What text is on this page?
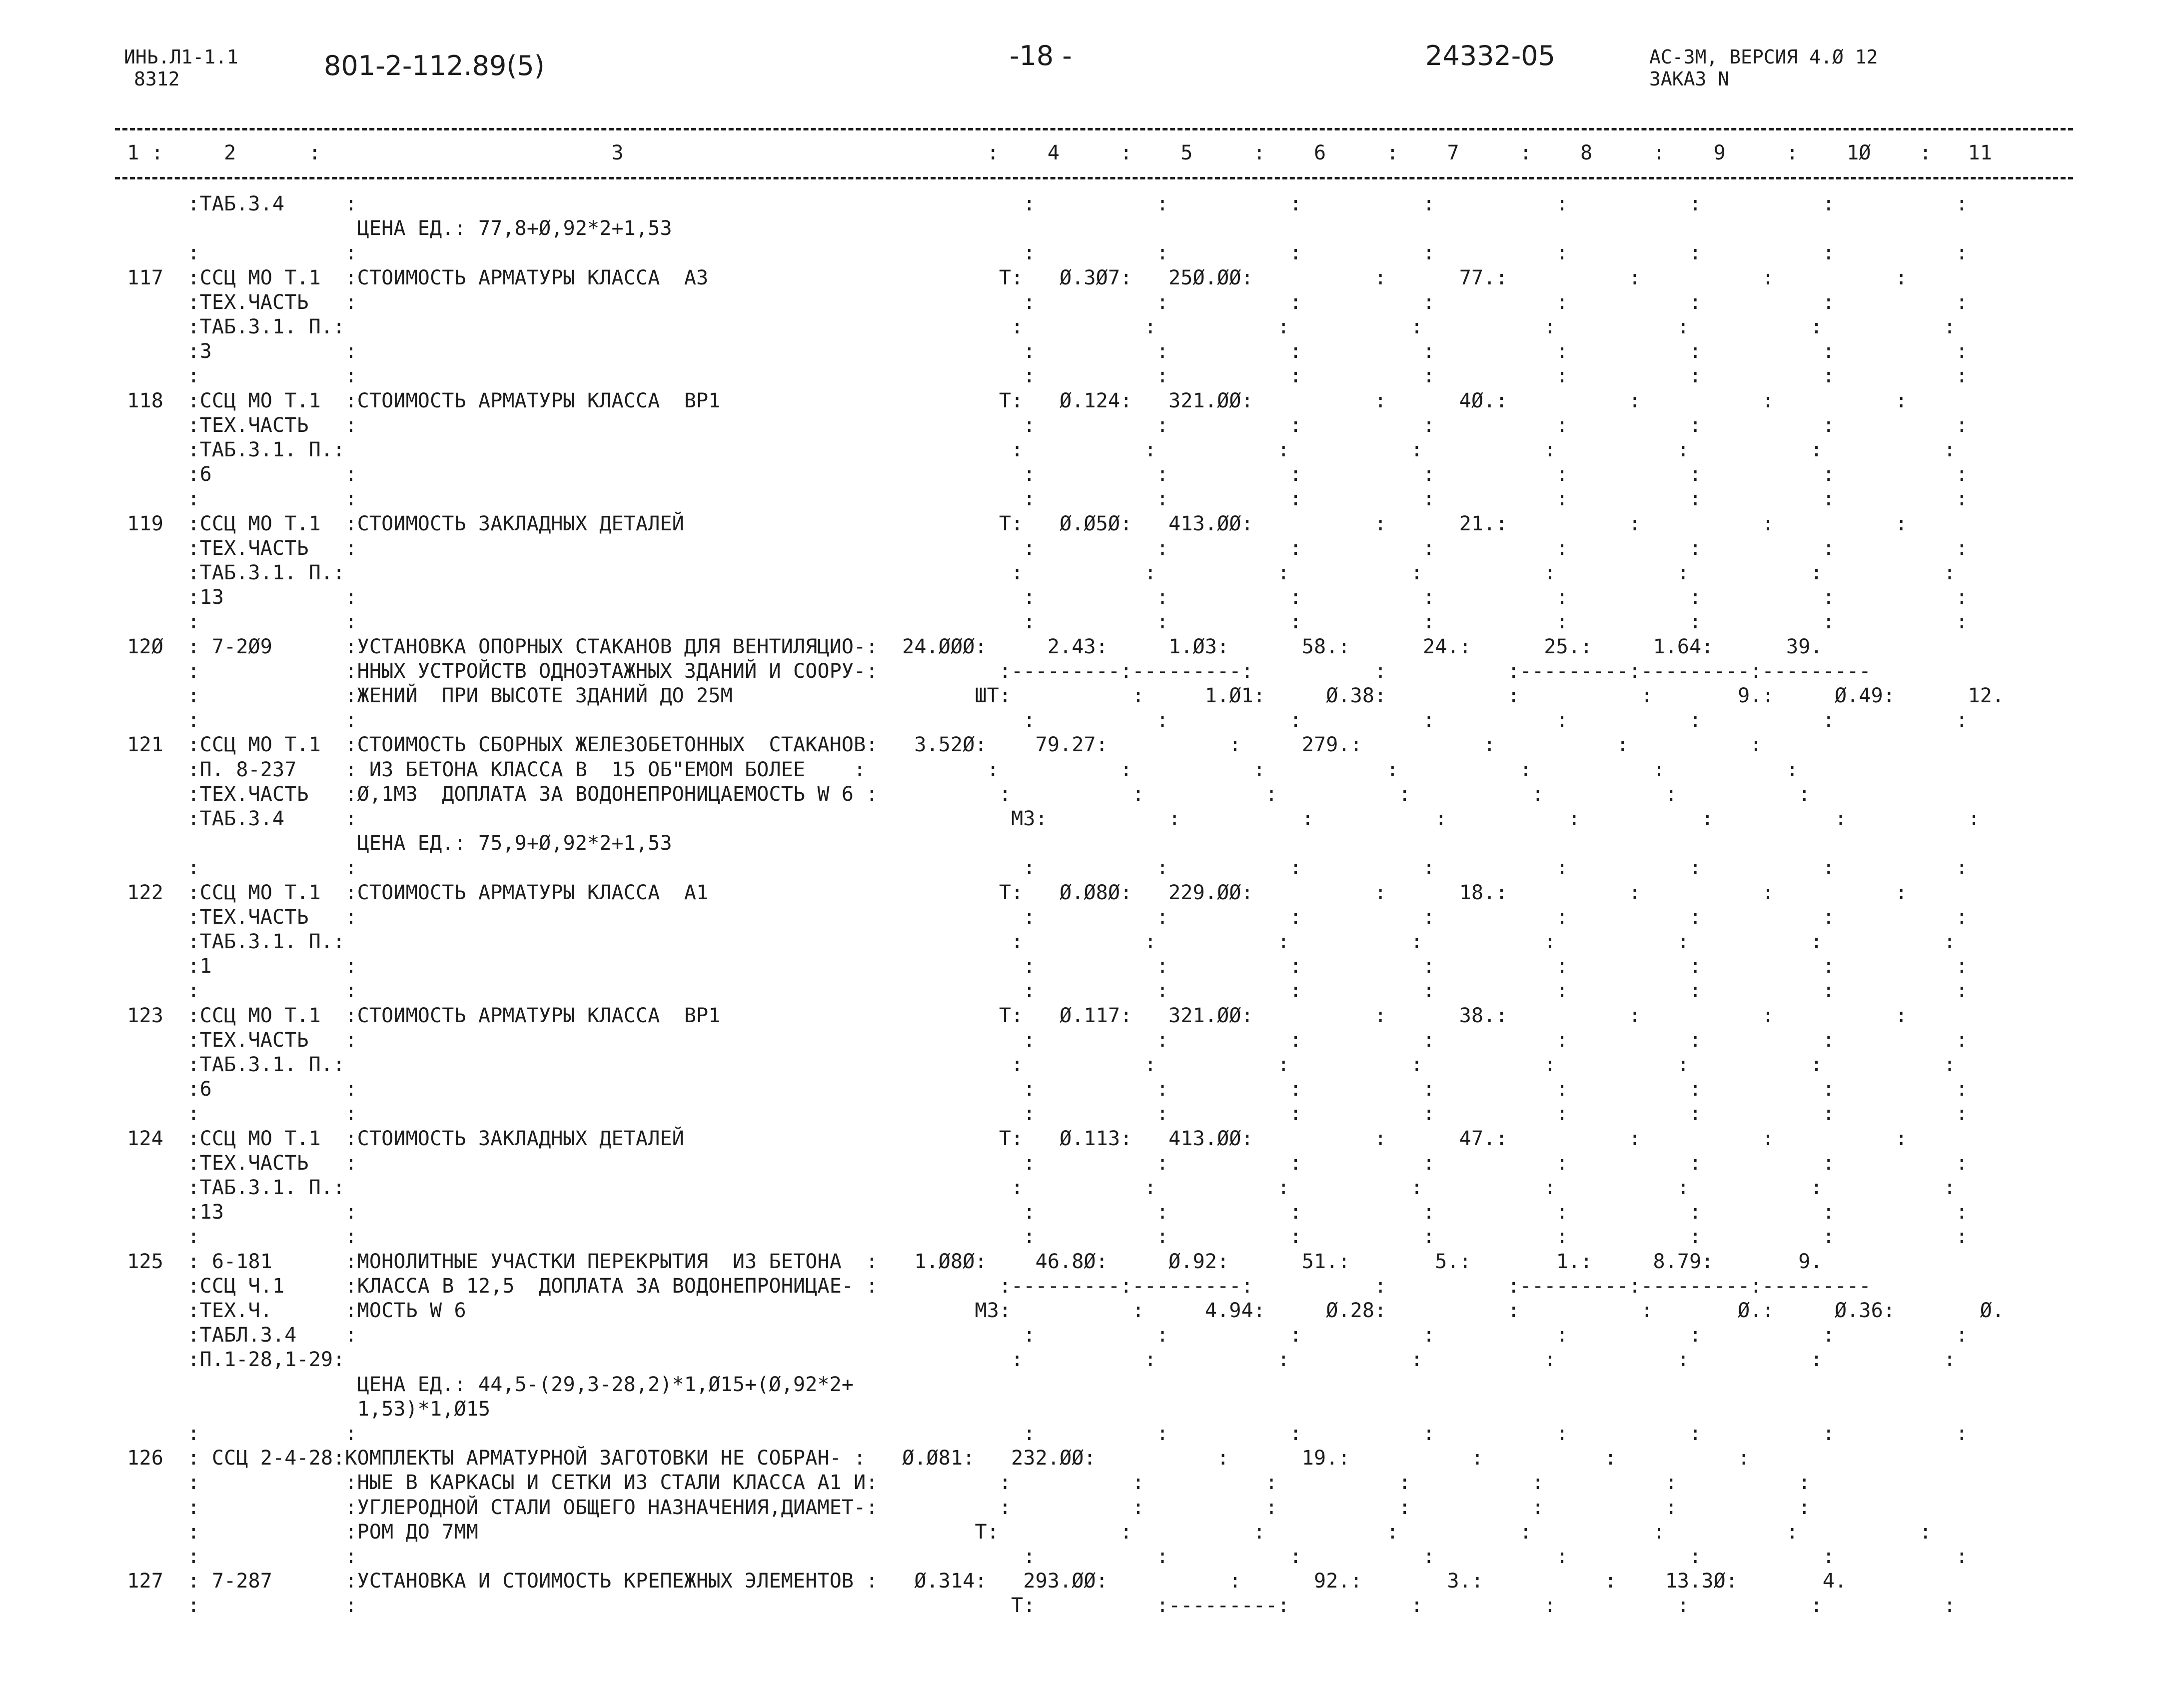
ИНЬ.Л1-1.1
8312	801-2-112.89(5)	-18 -	24332-05	АС-3М, ВЕРСИЯ 4.Ø 12
ЗАКАЗ N
1 :     2      :                        3                              :    4     :    5     :    6     :    7     :    8     :    9     :    1Ø    :   11
:ТАБ.3.4     :                                                       :          :          :          :          :          :          :          :
ЦЕНА ЕД.: 77,8+Ø,92*2+1,53
:            :                                                       :          :          :          :          :          :          :          :
117  :ССЦ МО Т.1  :СТОИМОСТЬ АРМАТУРЫ КЛАССА  А3                        Т:   Ø.3Ø7:   25Ø.ØØ:          :      77.:          :          :          :
:ТЕХ.ЧАСТЬ   :                                                       :          :          :          :          :          :          :          :
:ТАБ.3.1. П.:                                                       :          :          :          :          :          :          :          :
:3           :                                                       :          :          :          :          :          :          :          :
:            :                                                       :          :          :          :          :          :          :          :
118  :ССЦ МО Т.1  :СТОИМОСТЬ АРМАТУРЫ КЛАССА  ВР1                       Т:   Ø.124:   321.ØØ:          :      4Ø.:          :          :          :
:ТЕХ.ЧАСТЬ   :                                                       :          :          :          :          :          :          :          :
:ТАБ.3.1. П.:                                                       :          :          :          :          :          :          :          :
:6           :                                                       :          :          :          :          :          :          :          :
:            :                                                       :          :          :          :          :          :          :          :
119  :ССЦ МО Т.1  :СТОИМОСТЬ ЗАКЛАДНЫХ ДЕТАЛЕЙ                          Т:   Ø.Ø5Ø:   413.ØØ:          :      21.:          :          :          :
:ТЕХ.ЧАСТЬ   :                                                       :          :          :          :          :          :          :          :
:ТАБ.3.1. П.:                                                       :          :          :          :          :          :          :          :
:13          :                                                       :          :          :          :          :          :          :          :
:            :                                                       :          :          :          :          :          :          :          :
12Ø  : 7-2Ø9      :УСТАНОВКА ОПОРНЫХ СТАКАНОВ ДЛЯ ВЕНТИЛЯЦИО-:  24.ØØØ:     2.43:     1.Ø3:      58.:      24.:      25.:     1.64:      39.
:            :ННЫХ УСТРОЙСТВ ОДНОЭТАЖНЫХ ЗДАНИЙ И СООРУ-:          :---------:---------:          :          :---------:---------:---------
:            :ЖЕНИЙ  ПРИ ВЫСОТЕ ЗДАНИЙ ДО 25М                    ШТ:          :     1.Ø1:     Ø.38:          :          :       9.:     Ø.49:      12.
:            :                                                       :          :          :          :          :          :          :          :
121  :ССЦ МО Т.1  :СТОИМОСТЬ СБОРНЫХ ЖЕЛЕЗОБЕТОННЫХ  СТАКАНОВ:   3.52Ø:    79.27:          :     279.:          :          :          :
:П. 8-237    : ИЗ БЕТОНА КЛАССА В  15 ОБ"ЕМОМ БОЛЕЕ    :          :          :          :          :          :          :          :
:ТЕХ.ЧАСТЬ   :Ø,1М3  ДОПЛАТА ЗА ВОДОНЕПРОНИЦАЕМОСТЬ W 6 :          :          :          :          :          :          :          :
:ТАБ.3.4     :                                                      М3:          :          :          :          :          :          :          :
ЦЕНА ЕД.: 75,9+Ø,92*2+1,53
:            :                                                       :          :          :          :          :          :          :          :
122  :ССЦ МО Т.1  :СТОИМОСТЬ АРМАТУРЫ КЛАССА  А1                        Т:   Ø.Ø8Ø:   229.ØØ:          :      18.:          :          :          :
:ТЕХ.ЧАСТЬ   :                                                       :          :          :          :          :          :          :          :
:ТАБ.3.1. П.:                                                       :          :          :          :          :          :          :          :
:1           :                                                       :          :          :          :          :          :          :          :
:            :                                                       :          :          :          :          :          :          :          :
123  :ССЦ МО Т.1  :СТОИМОСТЬ АРМАТУРЫ КЛАССА  ВР1                       Т:   Ø.117:   321.ØØ:          :      38.:          :          :          :
:ТЕХ.ЧАСТЬ   :                                                       :          :          :          :          :          :          :          :
:ТАБ.3.1. П.:                                                       :          :          :          :          :          :          :          :
:6           :                                                       :          :          :          :          :          :          :          :
:            :                                                       :          :          :          :          :          :          :          :
124  :ССЦ МО Т.1  :СТОИМОСТЬ ЗАКЛАДНЫХ ДЕТАЛЕЙ                          Т:   Ø.113:   413.ØØ:          :      47.:          :          :          :
:ТЕХ.ЧАСТЬ   :                                                       :          :          :          :          :          :          :          :
:ТАБ.3.1. П.:                                                       :          :          :          :          :          :          :          :
:13          :                                                       :          :          :          :          :          :          :          :
:            :                                                       :          :          :          :          :          :          :          :
125  : 6-181      :МОНОЛИТНЫЕ УЧАСТКИ ПЕРЕКРЫТИЯ  ИЗ БЕТОНА  :   1.Ø8Ø:    46.8Ø:     Ø.92:      51.:       5.:       1.:     8.79:       9.
:ССЦ Ч.1     :КЛАССА В 12,5  ДОПЛАТА ЗА ВОДОНЕПРОНИЦАЕ- :          :---------:---------:          :          :---------:---------:---------
:ТЕХ.Ч.      :МОСТЬ W 6                                          М3:          :     4.94:     Ø.28:          :          :       Ø.:     Ø.36:       Ø.
:ТАБЛ.3.4    :                                                       :          :          :          :          :          :          :          :
:П.1-28,1-29:                                                       :          :          :          :          :          :          :          :
ЦЕНА ЕД.: 44,5-(29,3-28,2)*1,Ø15+(Ø,92*2+
1,53)*1,Ø15
:            :                                                       :          :          :          :          :          :          :          :
126  : ССЦ 2-4-28:КОМПЛЕКТЫ АРМАТУРНОЙ ЗАГОТОВКИ НЕ СОБРАН- :   Ø.Ø81:   232.ØØ:          :      19.:          :          :          :
:            :НЫЕ В КАРКАСЫ И СЕТКИ ИЗ СТАЛИ КЛАССА А1 И:          :          :          :          :          :          :          :
:            :УГЛЕРОДНОЙ СТАЛИ ОБЩЕГО НАЗНАЧЕНИЯ,ДИАМЕТ-:          :          :          :          :          :          :          :
:            :РОМ ДО 7ММ                                         Т:          :          :          :          :          :          :          :
:            :                                                       :          :          :          :          :          :          :          :
127  : 7-287      :УСТАНОВКА И СТОИМОСТЬ КРЕПЕЖНЫХ ЭЛЕМЕНТОВ :   Ø.314:   293.ØØ:          :      92.:       3.:          :    13.3Ø:       4.
:            :                                                      Т:          :---------:          :          :          :          :          :
